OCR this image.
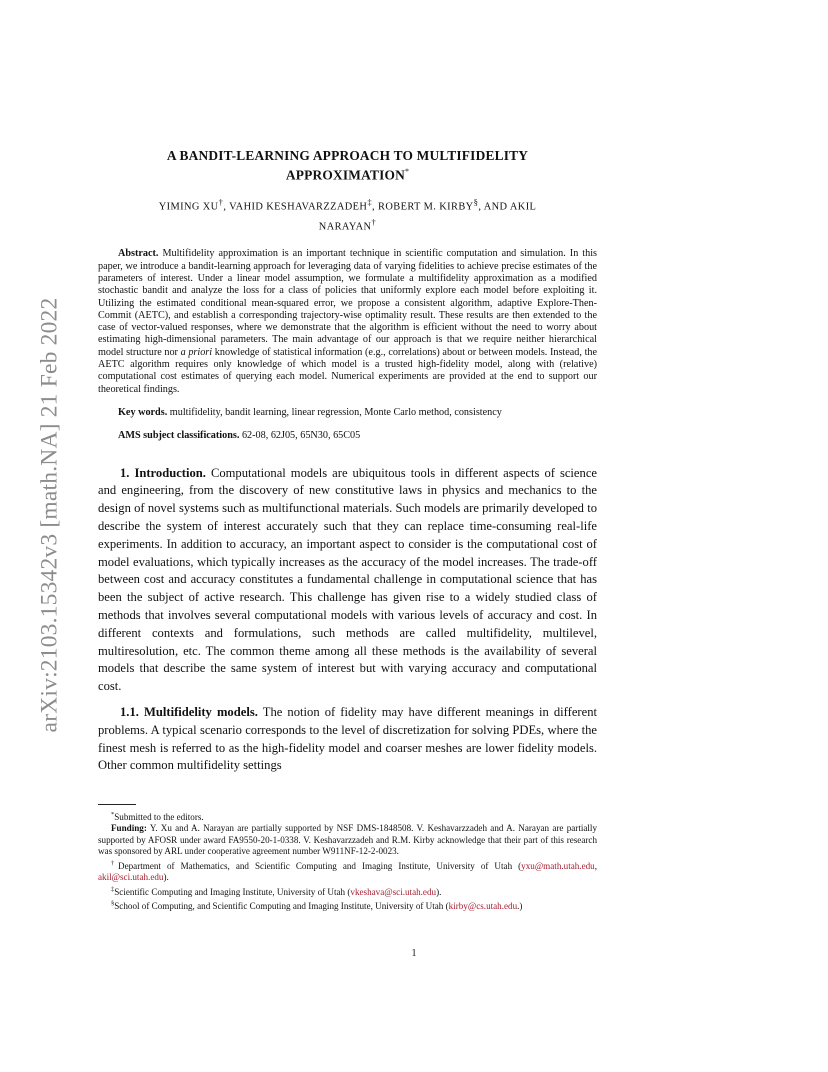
arXiv:2103.15342v3 [math.NA] 21 Feb 2022
A BANDIT-LEARNING APPROACH TO MULTIFIDELITY
APPROXIMATION*
YIMING XU†, VAHID KESHAVARZZADEH‡, ROBERT M. KIRBY§, AND AKIL
NARAYAN†

Abstract. Multifidelity approximation is an important technique in scientific computation and simulation. In this paper, we introduce a bandit-learning approach for leveraging data of varying fidelities to achieve precise estimates of the parameters of interest. Under a linear model assumption, we formulate a multifidelity approximation as a modified stochastic bandit and analyze the loss for a class of policies that uniformly explore each model before exploiting it. Utilizing the estimated conditional mean-squared error, we propose a consistent algorithm, adaptive Explore-Then-Commit (AETC), and establish a corresponding trajectory-wise optimality result. These results are then extended to the case of vector-valued responses, where we demonstrate that the algorithm is efficient without the need to worry about estimating high-dimensional parameters. The main advantage of our approach is that we require neither hierarchical model structure nor a priori knowledge of statistical information (e.g., correlations) about or between models. Instead, the AETC algorithm requires only knowledge of which model is a trusted high-fidelity model, along with (relative) computational cost estimates of querying each model. Numerical experiments are provided at the end to support our theoretical findings.

Key words. multifidelity, bandit learning, linear regression, Monte Carlo method, consistency

AMS subject classifications. 62-08, 62J05, 65N30, 65C05

1. Introduction. Computational models are ubiquitous tools in different aspects of science and engineering, from the discovery of new constitutive laws in physics and mechanics to the design of novel systems such as multifunctional materials. Such models are primarily developed to describe the system of interest accurately such that they can replace time-consuming real-life experiments. In addition to accuracy, an important aspect to consider is the computational cost of model evaluations, which typically increases as the accuracy of the model increases. The trade-off between cost and accuracy constitutes a fundamental challenge in computational science that has been the subject of active research. This challenge has given rise to a widely studied class of methods that involves several computational models with various levels of accuracy and cost. In different contexts and formulations, such methods are called multifidelity, multilevel, multiresolution, etc. The common theme among all these methods is the availability of several models that describe the same system of interest but with varying accuracy and computational cost.

1.1. Multifidelity models. The notion of fidelity may have different meanings in different problems. A typical scenario corresponds to the level of discretization for solving PDEs, where the finest mesh is referred to as the high-fidelity model and coarser meshes are lower fidelity models. Other common multifidelity settings

*Submitted to the editors.

Funding: Y. Xu and A. Narayan are partially supported by NSF DMS-1848508. V. Keshavarzzadeh and A. Narayan are partially supported by AFOSR under award FA9550-20-1-0338. V. Keshavarzzadeh and R.M. Kirby acknowledge that their part of this research was sponsored by ARL under cooperative agreement number W911NF-12-2-0023.

†Department of Mathematics, and Scientific Computing and Imaging Institute, University of Utah (yxu@math.utah.edu, akil@sci.utah.edu).

‡Scientific Computing and Imaging Institute, University of Utah (vkeshava@sci.utah.edu).

§School of Computing, and Scientific Computing and Imaging Institute, University of Utah (kirby@cs.utah.edu.)

1
